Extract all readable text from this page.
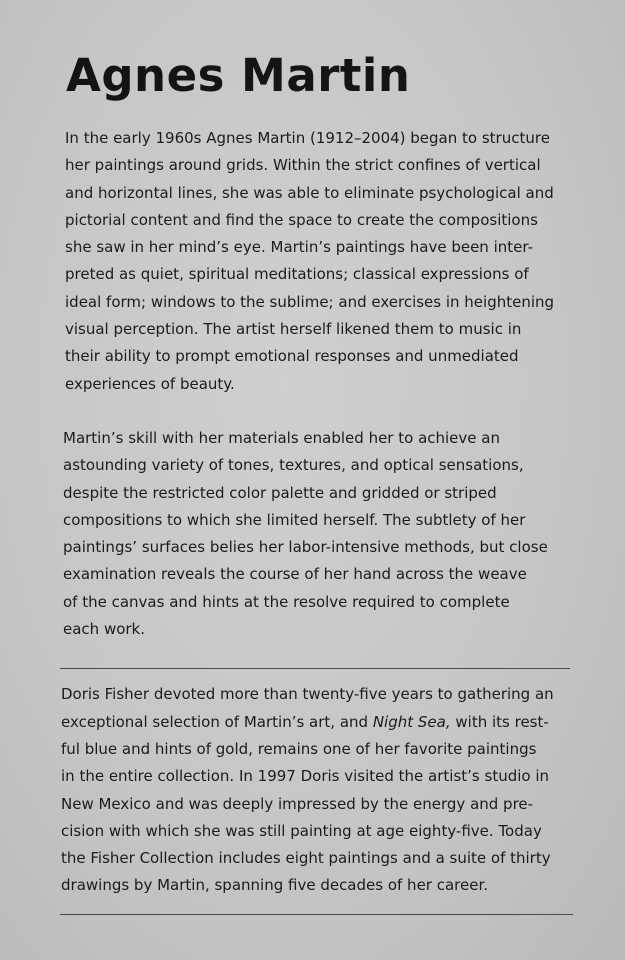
Agnes Martin

In the early 1960s Agnes Martin (1912–2004) began to structure
her paintings around grids. Within the strict confines of vertical
and horizontal lines, she was able to eliminate psychological and
pictorial content and find the space to create the compositions
she saw in her mind’s eye. Martin’s paintings have been inter-
preted as quiet, spiritual meditations; classical expressions of
ideal form; windows to the sublime; and exercises in heightening
visual perception. The artist herself likened them to music in
their ability to prompt emotional responses and unmediated
experiences of beauty.

Martin’s skill with her materials enabled her to achieve an
astounding variety of tones, textures, and optical sensations,
despite the restricted color palette and gridded or striped
compositions to which she limited herself. The subtlety of her
paintings’ surfaces belies her labor-intensive methods, but close
examination reveals the course of her hand across the weave
of the canvas and hints at the resolve required to complete
each work.

Doris Fisher devoted more than twenty-five years to gathering an
exceptional selection of Martin’s art, and Night Sea, with its rest-
ful blue and hints of gold, remains one of her favorite paintings
in the entire collection. In 1997 Doris visited the artist’s studio in
New Mexico and was deeply impressed by the energy and pre-
cision with which she was still painting at age eighty-five. Today
the Fisher Collection includes eight paintings and a suite of thirty
drawings by Martin, spanning five decades of her career.
